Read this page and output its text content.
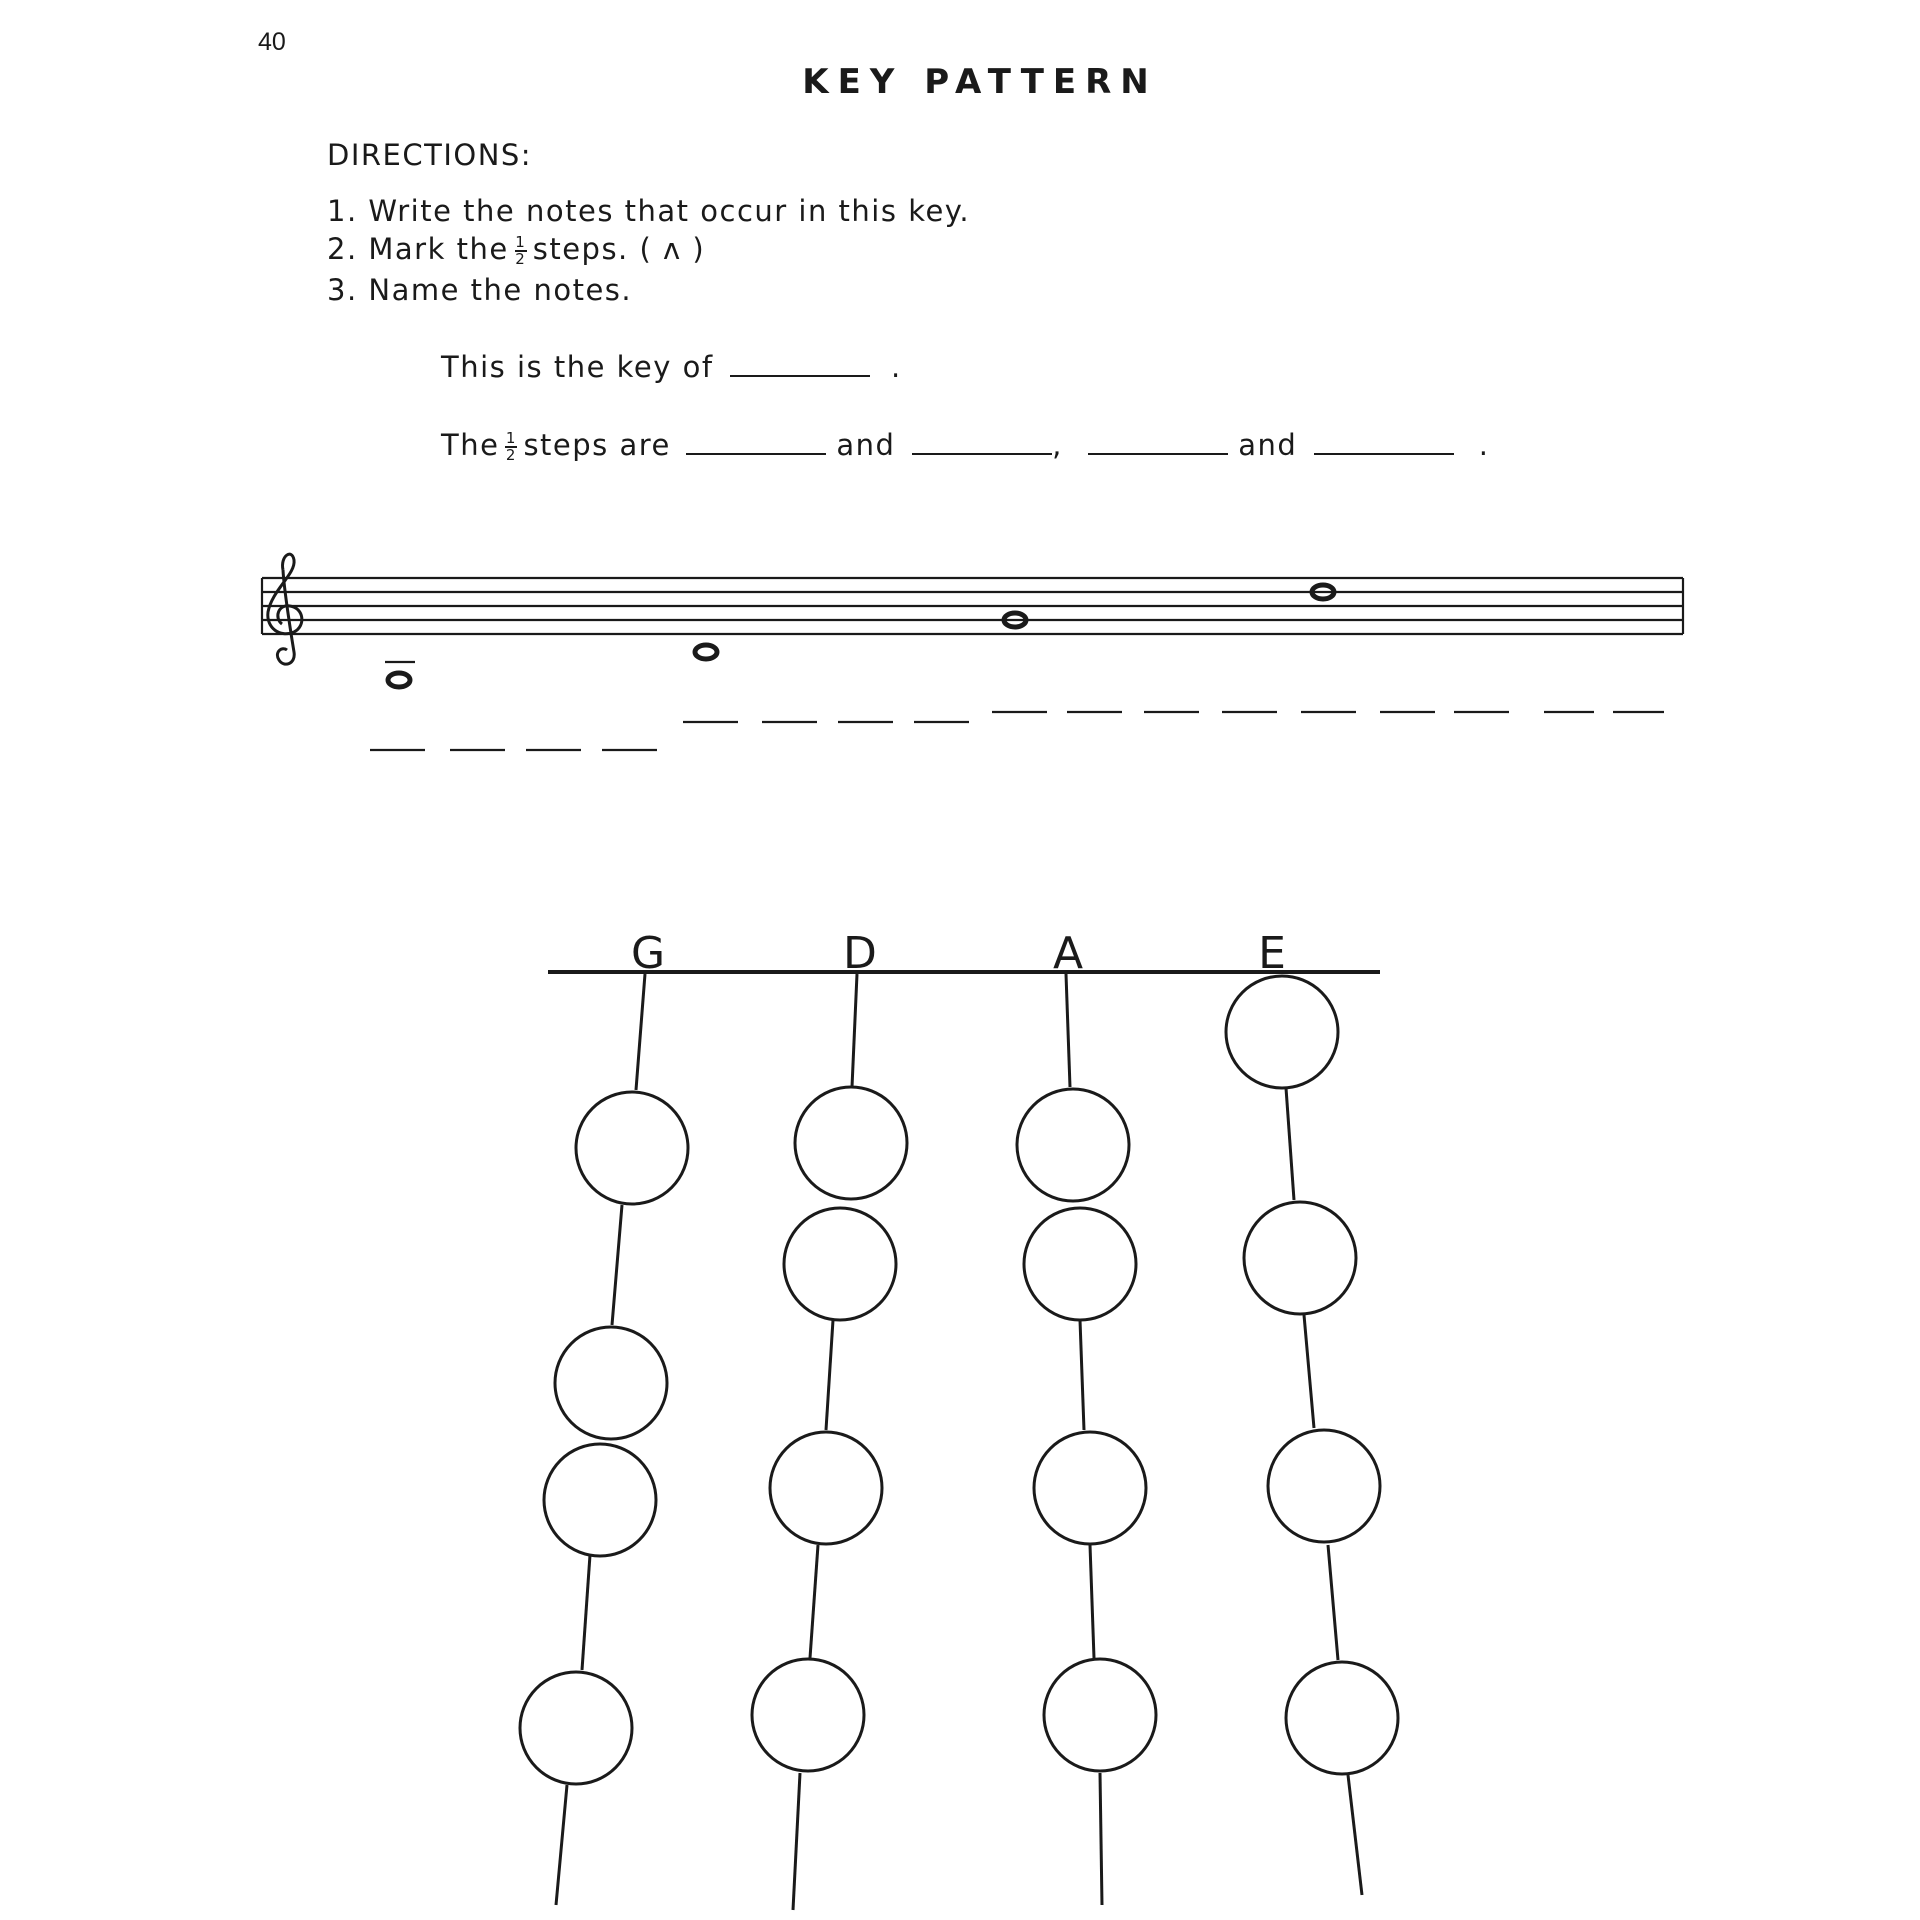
40
KEY PATTERN
DIRECTIONS:
1. Write the notes that occur in this key.
2. Mark the $\frac{1}{2}$ steps. ( ʌ )
3. Name the notes.
This is the key of	.
The $\frac{1}{2}$ steps are	and	,	and	.
G	D	A	E
